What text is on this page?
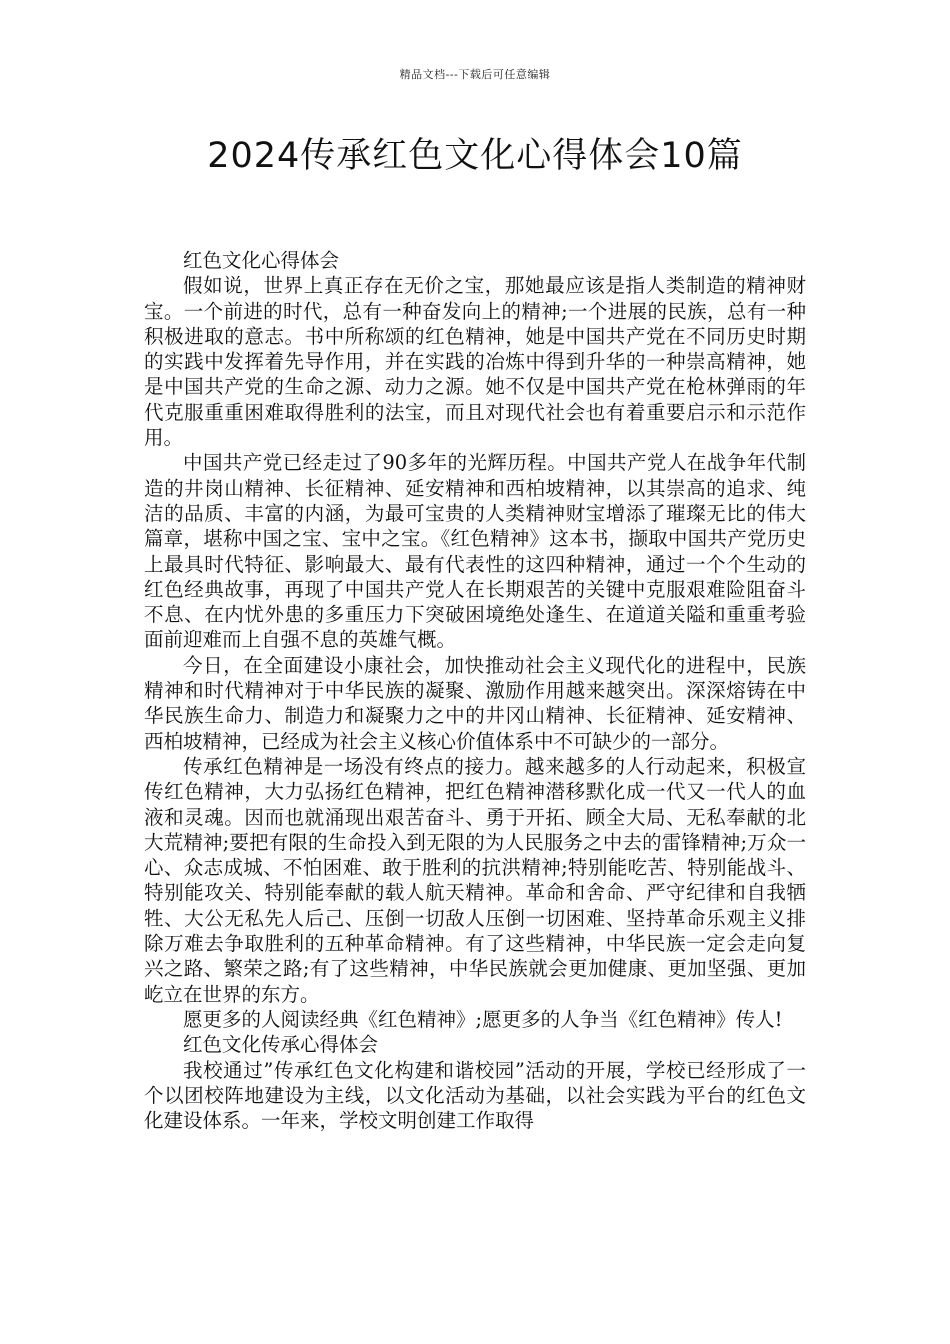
精品文档---下载后可任意编辑
2024传承红色文化心得体会10篇

红色文化心得体会

假如说，世界上真正存在无价之宝，那她最应该是指人类制造的精神财宝。一个前进的时代，总有一种奋发向上的精神;一个进展的民族，总有一种积极进取的意志。书中所称颂的红色精神，她是中国共产党在不同历史时期的实践中发挥着先导作用，并在实践的冶炼中得到升华的一种崇高精神，她是中国共产党的生命之源、动力之源。她不仅是中国共产党在枪林弹雨的年代克服重重困难取得胜利的法宝，而且对现代社会也有着重要启示和示范作用。

中国共产党已经走过了90多年的光辉历程。中国共产党人在战争年代制造的井岗山精神、长征精神、延安精神和西柏坡精神，以其崇高的追求、纯洁的品质、丰富的内涵，为最可宝贵的人类精神财宝增添了璀璨无比的伟大篇章，堪称中国之宝、宝中之宝。《红色精神》这本书，撷取中国共产党历史上最具时代特征、影响最大、最有代表性的这四种精神，通过一个个生动的红色经典故事，再现了中国共产党人在长期艰苦的关键中克服艰难险阻奋斗不息、在内忧外患的多重压力下突破困境绝处逢生、在道道关隘和重重考验面前迎难而上自强不息的英雄气概。

今日，在全面建设小康社会，加快推动社会主义现代化的进程中，民族精神和时代精神对于中华民族的凝聚、激励作用越来越突出。深深熔铸在中华民族生命力、制造力和凝聚力之中的井冈山精神、长征精神、延安精神、西柏坡精神，已经成为社会主义核心价值体系中不可缺少的一部分。

传承红色精神是一场没有终点的接力。越来越多的人行动起来，积极宣传红色精神，大力弘扬红色精神，把红色精神潜移默化成一代又一代人的血液和灵魂。因而也就涌现出艰苦奋斗、勇于开拓、顾全大局、无私奉献的北大荒精神;要把有限的生命投入到无限的为人民服务之中去的雷锋精神;万众一心、众志成城、不怕困难、敢于胜利的抗洪精神;特别能吃苦、特别能战斗、特别能攻关、特别能奉献的载人航天精神。革命和舍命、严守纪律和自我牺牲、大公无私先人后己、压倒一切敌人压倒一切困难、坚持革命乐观主义排除万难去争取胜利的五种革命精神。有了这些精神，中华民族一定会走向复兴之路、繁荣之路;有了这些精神，中华民族就会更加健康、更加坚强、更加屹立在世界的东方。

愿更多的人阅读经典《红色精神》;愿更多的人争当《红色精神》传人!

红色文化传承心得体会

我校通过”传承红色文化构建和谐校园”活动的开展，学校已经形成了一个以团校阵地建设为主线，以文化活动为基础，以社会实践为平台的红色文化建设体系。一年来，学校文明创建工作取得
